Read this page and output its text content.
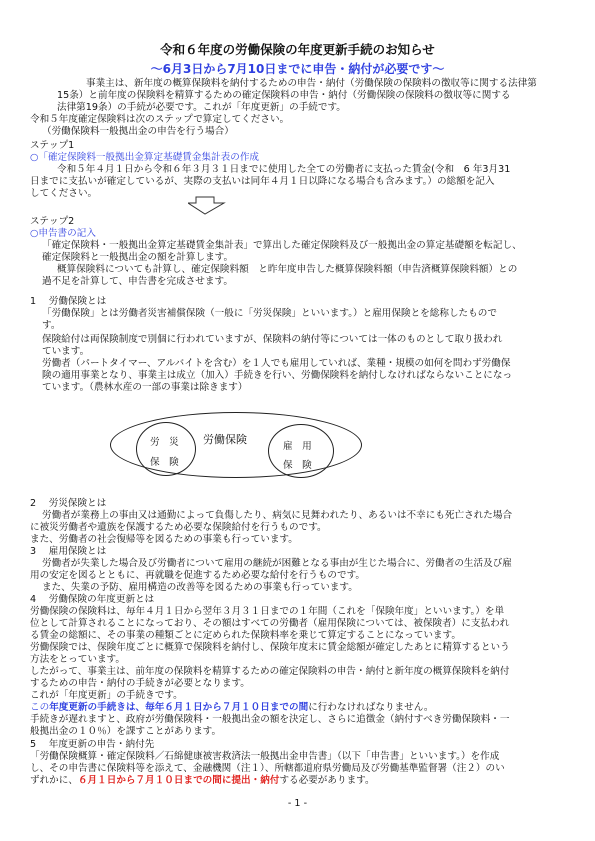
令和６年度の労働保険の年度更新手続のお知らせ
～6月3日から7月10日までに申告・納付が必要です～
事業主は、新年度の概算保険料を納付するための申告・納付（労働保険の保険料の徴収等に関する法律第
15条）と前年度の保険料を精算するための確定保険料の申告・納付（労働保険の保険料の徴収等に関する
法律第19条）の手続が必要です。これが「年度更新」の手続です。
令和５年度確定保険料は次のステップで算定してください。
（労働保険料一般拠出金の申告を行う場合）
ステップ1
○「確定保険料一般拠出金算定基礎賃金集計表の作成
令和５年４月１日から令和６年３月３１日までに使用した全ての労働者に支払った賃金(令和　6 年3月31
日までに支払いが確定しているが、実際の支払いは同年４月１日以降になる場合も含みます。）の総額を記入
してください。
ステップ2
○申告書の記入
「確定保険料・一般拠出金算定基礎賃金集計表」で算出した確定保険料及び一般拠出金の算定基礎額を転記し、
確定保険料と一般拠出金の額を計算します。
概算保険料についても計算し、確定保険料額　と昨年度申告した概算保険料額（申告済概算保険料額）との
過不足を計算して、申告書を完成させます。
1　 労働保険とは
「労働保険」とは労働者災害補償保険（一般に「労災保険」といいます。）と雇用保険とを総称したもので
す。
保険給付は両保険制度で別個に行われていますが、保険料の納付等については一体のものとして取り扱われ
ています。
労働者（パートタイマー、アルバイトを含む）を１人でも雇用していれば、業種・規模の如何を問わず労働保
険の適用事業となり、事業主は成立（加入）手続きを行い、労働保険料を納付しなければならないことになっ
ています。（農林水産の一部の事業は除きます）
労働保険
労　災
保　険
雇　用
保　険
2　 労災保険とは
労働者が業務上の事由又は通勤によって負傷したり、病気に見舞われたり、あるいは不幸にも死亡された場合
に被災労働者や遺族を保護するため必要な保険給付を行うものです。
また、労働者の社会復帰等を図るための事業も行っています。
3　 雇用保険とは
労働者が失業した場合及び労働者について雇用の継続が困難となる事由が生じた場合に、労働者の生活及び雇
用の安定を図るとともに、再就職を促進するため必要な給付を行うものです。
また、失業の予防、雇用構造の改善等を図るための事業も行っています。
4　 労働保険の年度更新とは
労働保険の保険料は、毎年４月１日から翌年３月３１日までの１年間（これを「保険年度」といいます。）を単
位として計算されることになっており、その額はすべての労働者（雇用保険については、被保険者）に支払われ
る賃金の総額に、その事業の種類ごとに定められた保険料率を乗じて算定することになっています。
労働保険では、保険年度ごとに概算で保険料を納付し、保険年度末に賃金総額が確定したあとに精算するという
方法をとっています。
したがって、事業主は、前年度の保険料を精算するための確定保険料の申告・納付と新年度の概算保険料を納付
するための申告・納付の手続きが必要となります。
これが「年度更新」の手続きです。
この年度更新の手続きは、毎年６月１日から７月１０日までの間に行わなければなりません。
手続きが遅れますと、政府が労働保険料・一般拠出金の額を決定し、さらに追徴金（納付すべき労働保険料・一
般拠出金の１０％）を課すことがあります。
5　 年度更新の申告・納付先
「労働保険概算・確定保険料／石綿健康被害救済法一般拠出金申告書」（以下「申告書」といいます。）を作成
し、その申告書に保険料等を添えて、金融機関（注１）、所轄都道府県労働局及び労働基準監督署（注２）のい
ずれかに、６月１日から７月１０日までの間に提出・納付する必要があります。
- 1 -
